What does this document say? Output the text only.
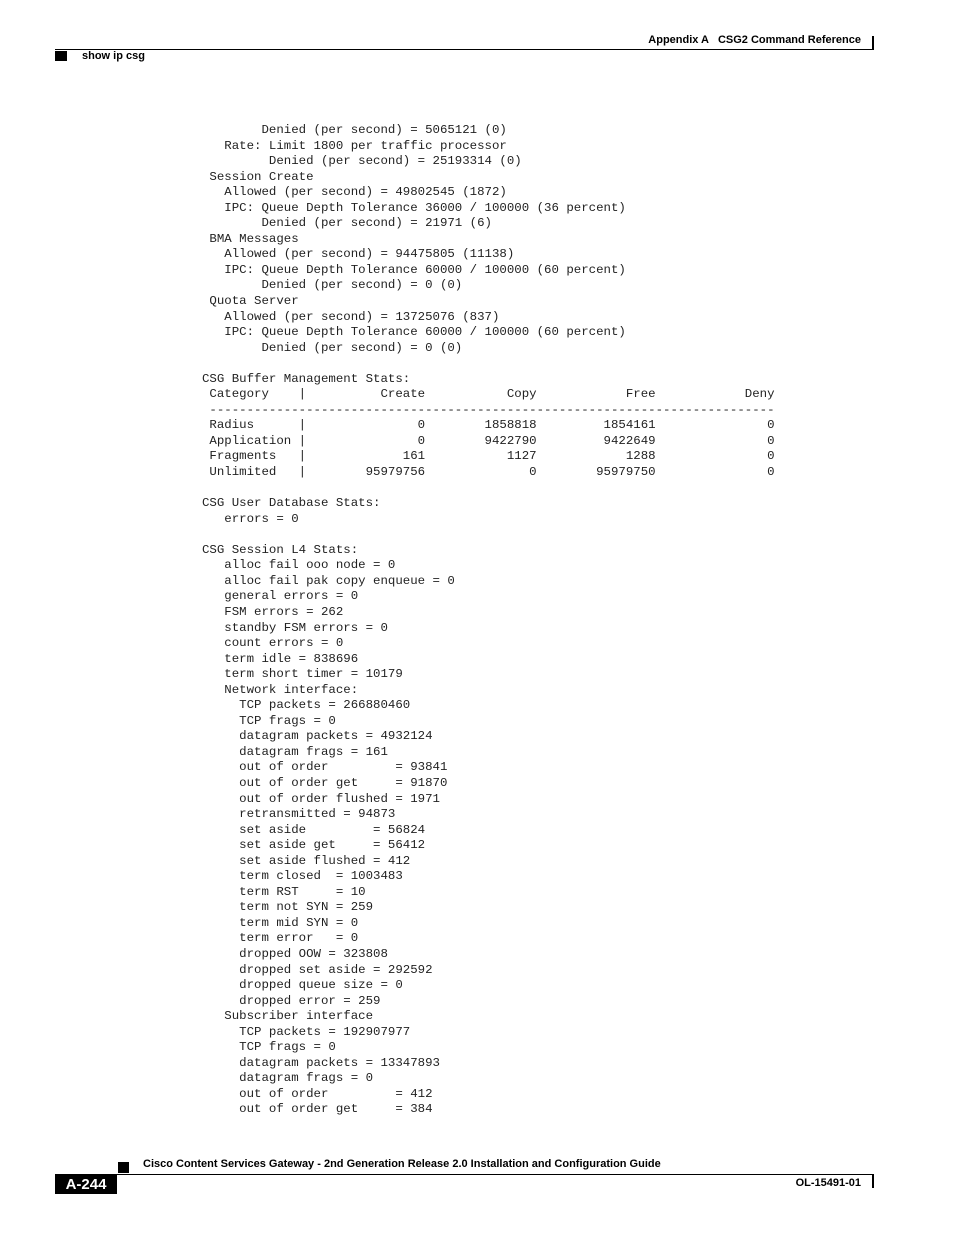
Appendix A CSG2 Command Reference
show ip csg
Denied (per second) = 5065121 (0)
Rate: Limit 1800 per traffic processor
Denied (per second) = 25193314 (0)
Session Create
Allowed (per second) = 49802545 (1872)
IPC: Queue Depth Tolerance 36000 / 100000 (36 percent)
Denied (per second) = 21971 (6)
BMA Messages
Allowed (per second) = 94475805 (11138)
IPC: Queue Depth Tolerance 60000 / 100000 (60 percent)
Denied (per second) = 0 (0)
Quota Server
Allowed (per second) = 13725076 (837)
IPC: Queue Depth Tolerance 60000 / 100000 (60 percent)
Denied (per second) = 0 (0)
CSG Buffer Management Stats:
Category    |          Create           Copy            Free            Deny
----------------------------------------------------------------------------
Radius      |               0        1858818         1854161               0
Application |               0        9422790         9422649               0
Fragments   |             161           1127            1288               0
Unlimited   |        95979756              0        95979750               0
CSG User Database Stats:
errors = 0
CSG Session L4 Stats:
alloc fail ooo node = 0
alloc fail pak copy enqueue = 0
general errors = 0
FSM errors = 262
standby FSM errors = 0
count errors = 0
term idle = 838696
term short timer = 10179
Network interface:
TCP packets = 266880460
TCP frags = 0
datagram packets = 4932124
datagram frags = 161
out of order         = 93841
out of order get     = 91870
out of order flushed = 1971
retransmitted = 94873
set aside         = 56824
set aside get     = 56412
set aside flushed = 412
term closed  = 1003483
term RST     = 10
term not SYN = 259
term mid SYN = 0
term error   = 0
dropped OOW = 323808
dropped set aside = 292592
dropped queue size = 0
dropped error = 259
Subscriber interface
TCP packets = 192907977
TCP frags = 0
datagram packets = 13347893
datagram frags = 0
out of order         = 412
out of order get     = 384
Cisco Content Services Gateway - 2nd Generation Release 2.0 Installation and Configuration Guide
A-244	OL-15491-01
